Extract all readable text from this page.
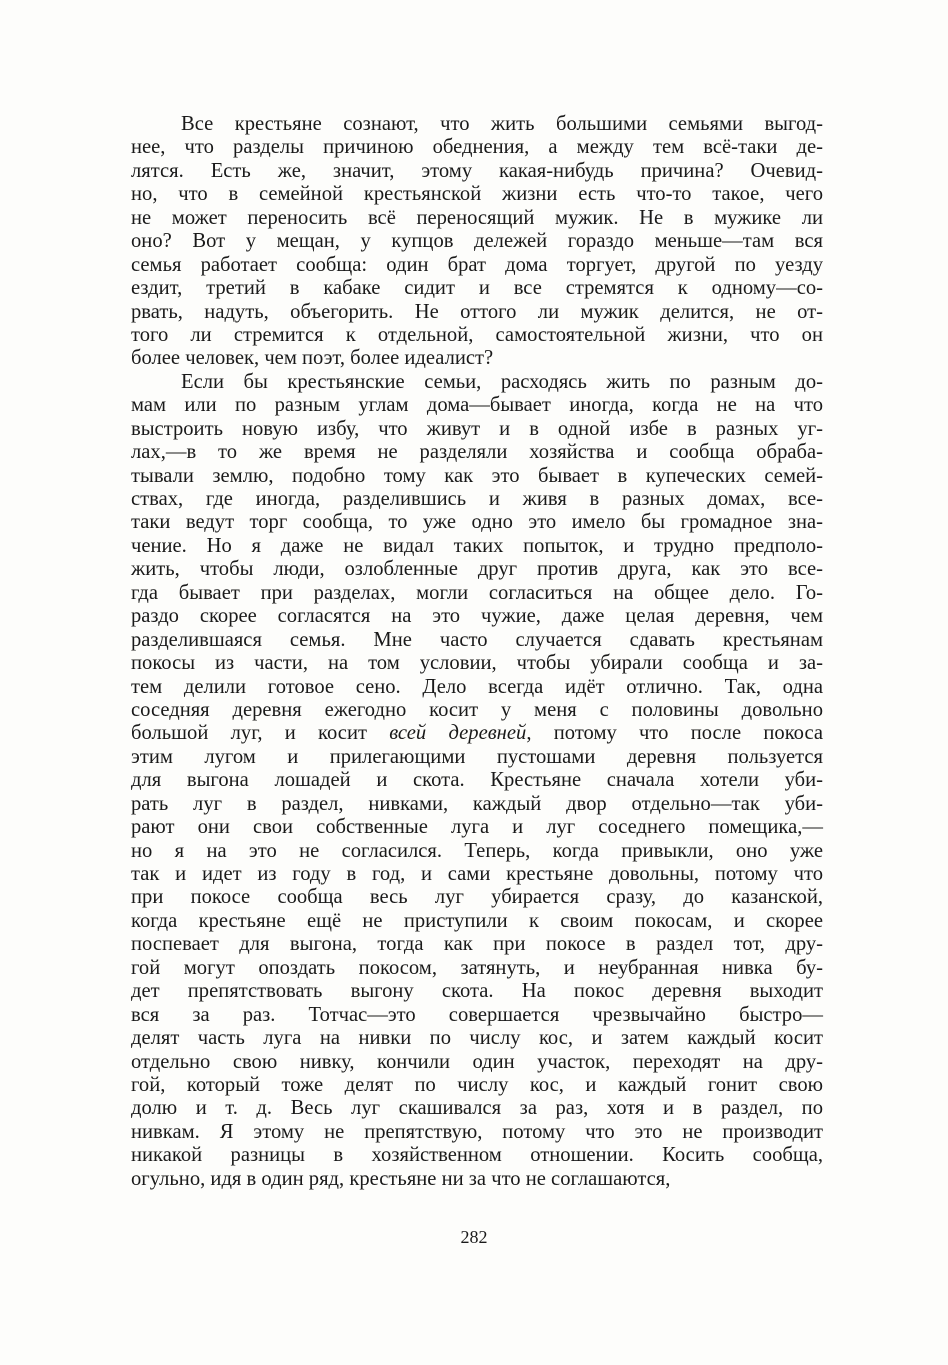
Все крестьяне сознают, что жить большими семьями выгод-
нее, что разделы причиною обеднения, а между тем всё-таки де-
лятся. Есть же, значит, этому какая-нибудь причина? Очевид-
но, что в семейной крестьянской жизни есть что-то такое, чего
не может переносить всё переносящий мужик. Не в мужике ли
оно? Вот у мещан, у купцов дележей гораздо меньше—там вся
семья работает сообща: один брат дома торгует, другой по уезду
ездит, третий в кабаке сидит и все стремятся к одному—со-
рвать, надуть, объегорить. Не оттого ли мужик делится, не от-
того ли стремится к отдельной, самостоятельной жизни, что он
более человек, чем поэт, более идеалист?
Если бы крестьянские семьи, расходясь жить по разным до-
мам или по разным углам дома—бывает иногда, когда не на что
выстроить новую избу, что живут и в одной избе в разных уг-
лах,—в то же время не разделяли хозяйства и сообща обраба-
тывали землю, подобно тому как это бывает в купеческих семей-
ствах, где иногда, разделившись и живя в разных домах, все-
таки ведут торг сообща, то уже одно это имело бы громадное зна-
чение. Но я даже не видал таких попыток, и трудно предполо-
жить, чтобы люди, озлобленные друг против друга, как это все-
гда бывает при разделах, могли согласиться на общее дело. Го-
раздо скорее согласятся на это чужие, даже целая деревня, чем
разделившаяся семья. Мне часто случается сдавать крестьянам
покосы из части, на том условии, чтобы убирали сообща и за-
тем делили готовое сено. Дело всегда идёт отлично. Так, одна
соседняя деревня ежегодно косит у меня с половины довольно
большой луг, и косит всей деревней, потому что после покоса
этим лугом и прилегающими пустошами деревня пользуется
для выгона лошадей и скота. Крестьяне сначала хотели уби-
рать луг в раздел, нивками, каждый двор отдельно—так уби-
рают они свои собственные луга и луг соседнего помещика,—
но я на это не согласился. Теперь, когда привыкли, оно уже
так и идет из году в год, и сами крестьяне довольны, потому что
при покосе сообща весь луг убирается сразу, до казанской,
когда крестьяне ещё не приступили к своим покосам, и скорее
поспевает для выгона, тогда как при покосе в раздел тот, дру-
гой могут опоздать покосом, затянуть, и неубранная нивка бу-
дет препятствовать выгону скота. На покос деревня выходит
вся за раз. Тотчас—это совершается чрезвычайно быстро—
делят часть луга на нивки по числу кос, и затем каждый косит
отдельно свою нивку, кончили один участок, переходят на дру-
гой, который тоже делят по числу кос, и каждый гонит свою
долю и т. д. Весь луг скашивался за раз, хотя и в раздел, по
нивкам. Я этому не препятствую, потому что это не производит
никакой разницы в хозяйственном отношении. Косить сообща,
огульно, идя в один ряд, крестьяне ни за что не соглашаются,
282
